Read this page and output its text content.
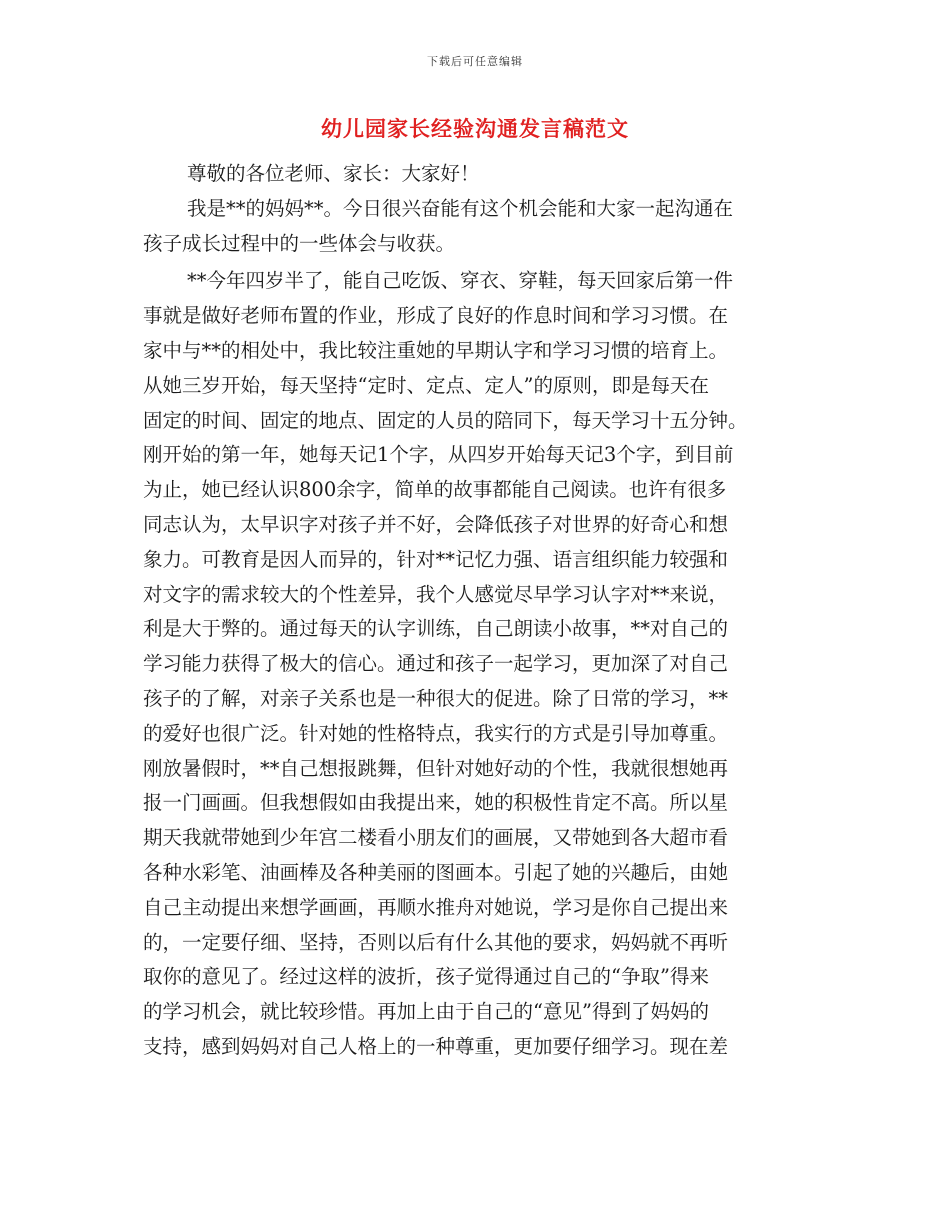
下载后可任意编辑
幼儿园家长经验沟通发言稿范文
尊敬的各位老师、家长：大家好！
我是**的妈妈**。今日很兴奋能有这个机会能和大家一起沟通在
孩子成长过程中的一些体会与收获。
**今年四岁半了，能自己吃饭、穿衣、穿鞋，每天回家后第一件
事就是做好老师布置的作业，形成了良好的作息时间和学习习惯。在
家中与**的相处中，我比较注重她的早期认字和学习习惯的培育上。
从她三岁开始，每天坚持“定时、定点、定人”的原则，即是每天在
固定的时间、固定的地点、固定的人员的陪同下，每天学习十五分钟。
刚开始的第一年，她每天记1个字，从四岁开始每天记3个字，到目前
为止，她已经认识800余字，简单的故事都能自己阅读。也许有很多
同志认为，太早识字对孩子并不好，会降低孩子对世界的好奇心和想
象力。可教育是因人而异的，针对**记忆力强、语言组织能力较强和
对文字的需求较大的个性差异，我个人感觉尽早学习认字对**来说，
利是大于弊的。通过每天的认字训练，自己朗读小故事，**对自己的
学习能力获得了极大的信心。通过和孩子一起学习，更加深了对自己
孩子的了解，对亲子关系也是一种很大的促进。除了日常的学习，**
的爱好也很广泛。针对她的性格特点，我实行的方式是引导加尊重。
刚放暑假时，**自己想报跳舞，但针对她好动的个性，我就很想她再
报一门画画。但我想假如由我提出来，她的积极性肯定不高。所以星
期天我就带她到少年宫二楼看小朋友们的画展，又带她到各大超市看
各种水彩笔、油画棒及各种美丽的图画本。引起了她的兴趣后，由她
自己主动提出来想学画画，再顺水推舟对她说，学习是你自己提出来
的，一定要仔细、坚持，否则以后有什么其他的要求，妈妈就不再听
取你的意见了。经过这样的波折，孩子觉得通过自己的“争取”得来
的学习机会，就比较珍惜。再加上由于自己的“意见”得到了妈妈的
支持，感到妈妈对自己人格上的一种尊重，更加要仔细学习。现在差
